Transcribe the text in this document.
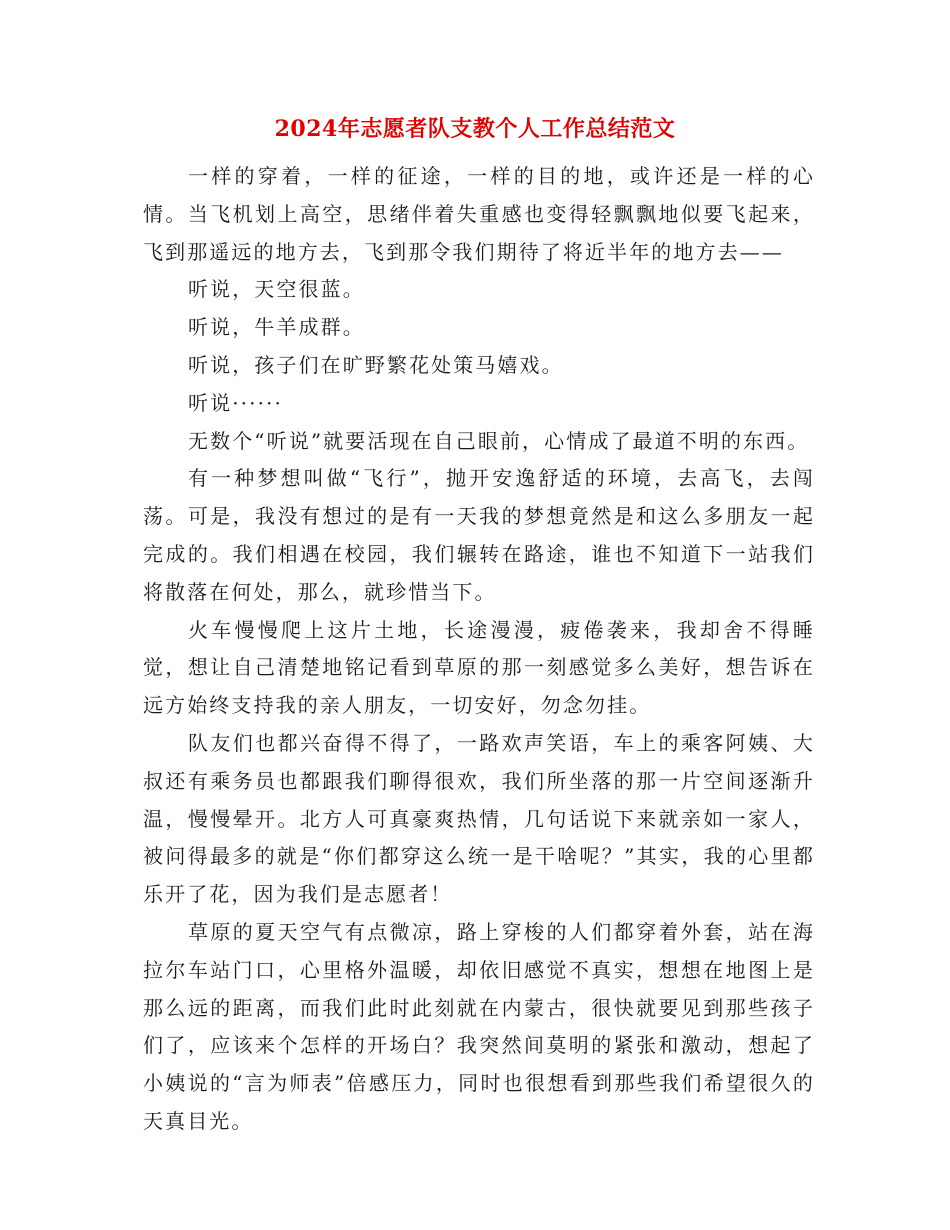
2024年志愿者队支教个人工作总结范文

一样的穿着，一样的征途，一样的目的地，或许还是一样的心情。当飞机划上高空，思绪伴着失重感也变得轻飘飘地似要飞起来，飞到那遥远的地方去，飞到那令我们期待了将近半年的地方去——

听说，天空很蓝。

听说，牛羊成群。

听说，孩子们在旷野繁花处策马嬉戏。

听说······

无数个“听说”就要活现在自己眼前，心情成了最道不明的东西。

有一种梦想叫做“飞行”，抛开安逸舒适的环境，去高飞，去闯荡。可是，我没有想过的是有一天我的梦想竟然是和这么多朋友一起完成的。我们相遇在校园，我们辗转在路途，谁也不知道下一站我们将散落在何处，那么，就珍惜当下。

火车慢慢爬上这片土地，长途漫漫，疲倦袭来，我却舍不得睡觉，想让自己清楚地铭记看到草原的那一刻感觉多么美好，想告诉在远方始终支持我的亲人朋友，一切安好，勿念勿挂。

队友们也都兴奋得不得了，一路欢声笑语，车上的乘客阿姨、大叔还有乘务员也都跟我们聊得很欢，我们所坐落的那一片空间逐渐升温，慢慢晕开。北方人可真豪爽热情，几句话说下来就亲如一家人，被问得最多的就是“你们都穿这么统一是干啥呢？”其实，我的心里都乐开了花，因为我们是志愿者！

草原的夏天空气有点微凉，路上穿梭的人们都穿着外套，站在海拉尔车站门口，心里格外温暖，却依旧感觉不真实，想想在地图上是那么远的距离，而我们此时此刻就在内蒙古，很快就要见到那些孩子们了，应该来个怎样的开场白？我突然间莫明的紧张和激动，想起了小姨说的“言为师表”倍感压力，同时也很想看到那些我们希望很久的天真目光。
